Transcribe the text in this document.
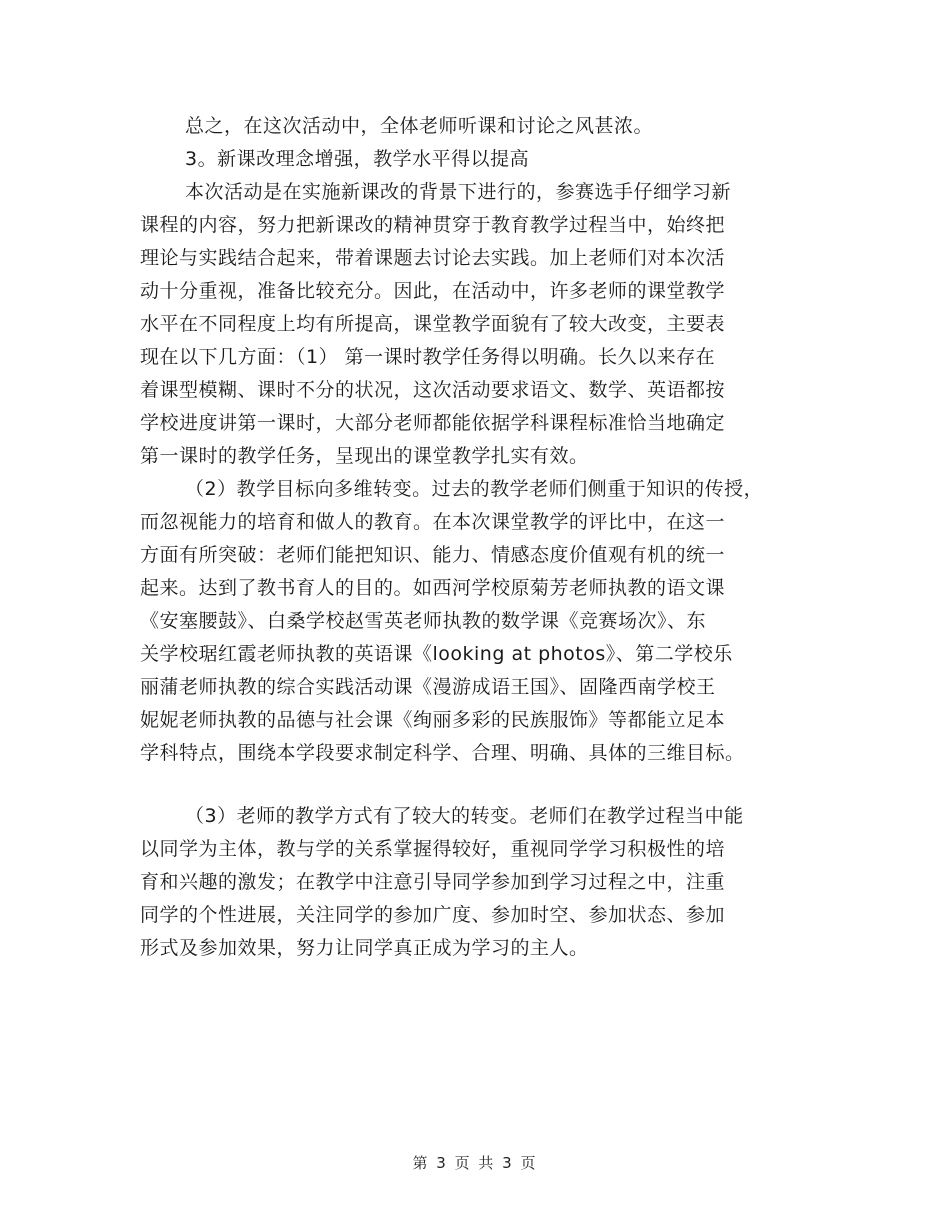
总之，在这次活动中，全体老师听课和讨论之风甚浓。
3。新课改理念增强，教学水平得以提高
本次活动是在实施新课改的背景下进行的，参赛选手仔细学习新
课程的内容，努力把新课改的精神贯穿于教育教学过程当中，始终把
理论与实践结合起来，带着课题去讨论去实践。加上老师们对本次活
动十分重视，准备比较充分。因此，在活动中，许多老师的课堂教学
水平在不同程度上均有所提高，课堂教学面貌有了较大改变，主要表
现在以下几方面：（1） 第一课时教学任务得以明确。长久以来存在
着课型模糊、课时不分的状况，这次活动要求语文、数学、英语都按
学校进度讲第一课时，大部分老师都能依据学科课程标准恰当地确定
第一课时的教学任务，呈现出的课堂教学扎实有效。
（2）教学目标向多维转变。过去的教学老师们侧重于知识的传授，
而忽视能力的培育和做人的教育。在本次课堂教学的评比中，在这一
方面有所突破：老师们能把知识、能力、情感态度价值观有机的统一
起来。达到了教书育人的目的。如西河学校原菊芳老师执教的语文课
《安塞腰鼓》、白桑学校赵雪英老师执教的数学课《竞赛场次》、东
关学校琚红霞老师执教的英语课《looking at photos》、第二学校乐
丽蒲老师执教的综合实践活动课《漫游成语王国》、固隆西南学校王
妮妮老师执教的品德与社会课《绚丽多彩的民族服饰》等都能立足本
学科特点，围绕本学段要求制定科学、合理、明确、具体的三维目标。
（3）老师的教学方式有了较大的转变。老师们在教学过程当中能
以同学为主体，教与学的关系掌握得较好，重视同学学习积极性的培
育和兴趣的激发；在教学中注意引导同学参加到学习过程之中，注重
同学的个性进展，关注同学的参加广度、参加时空、参加状态、参加
形式及参加效果，努力让同学真正成为学习的主人。
第 3 页 共 3 页
